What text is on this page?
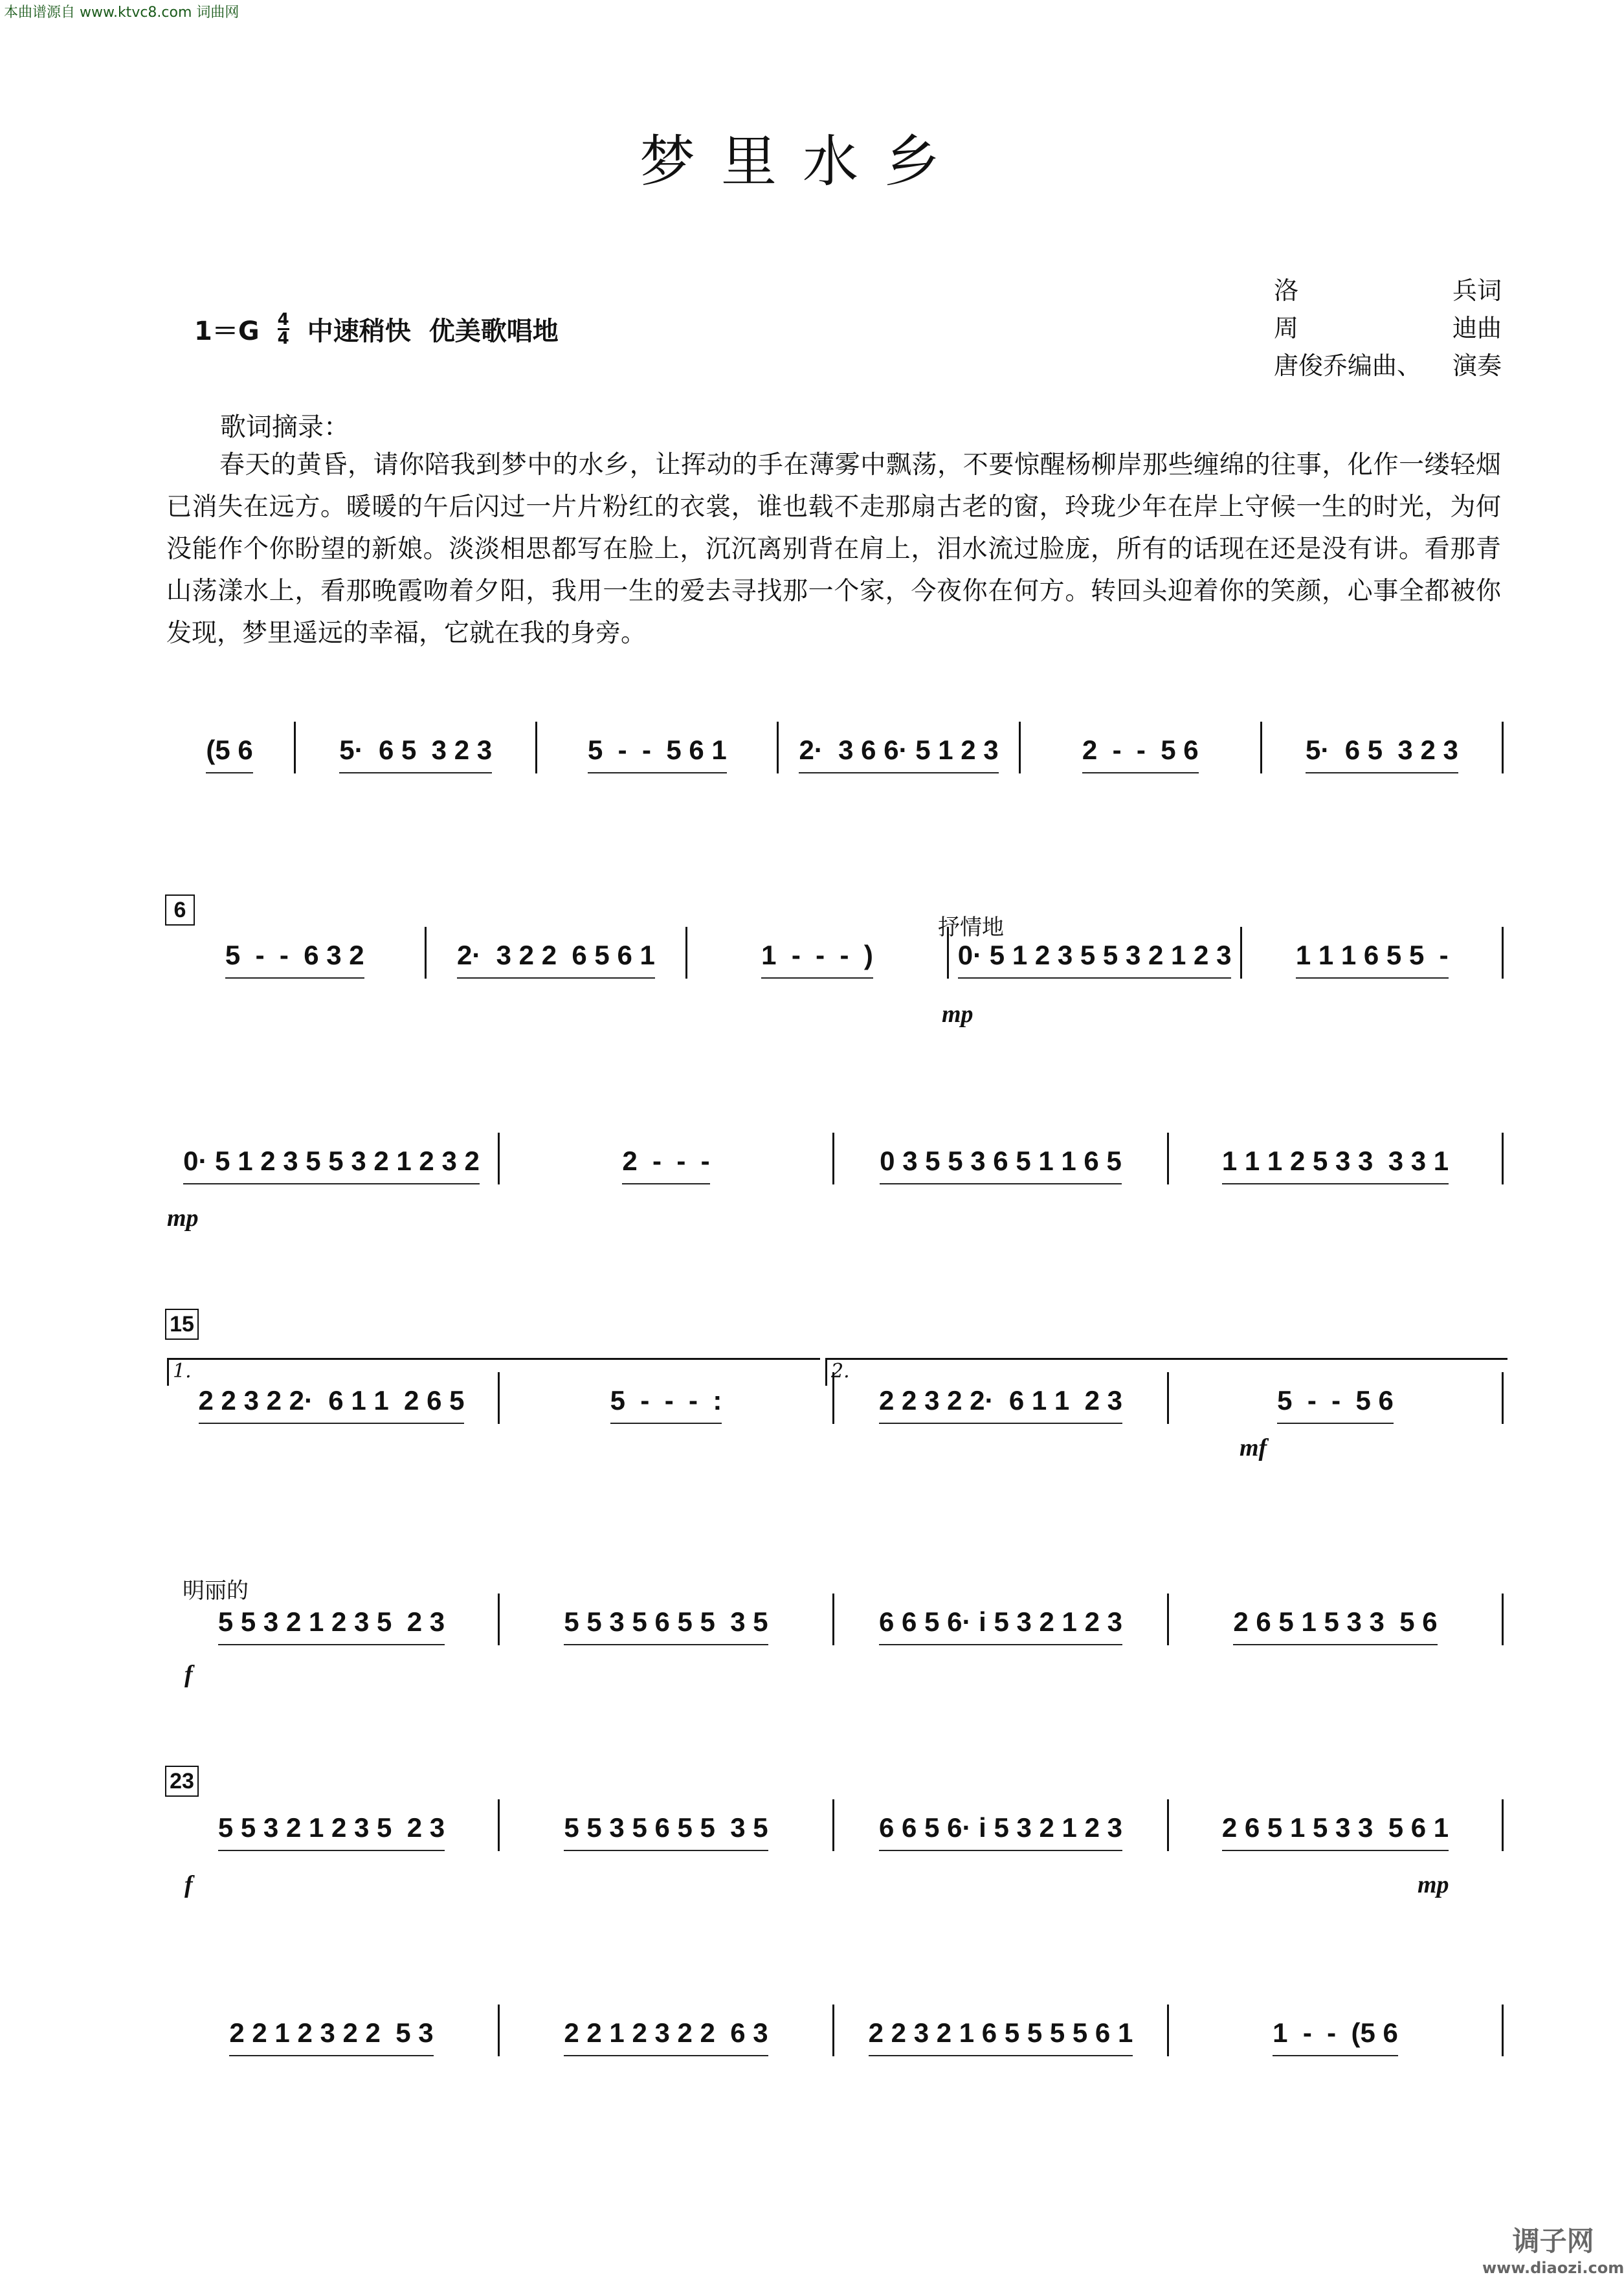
本曲谱源自 www.ktvc8.com 词曲网
梦里水乡
$1=G \frac{4}{4}$ 中速稍快 优美歌唱地
洛	兵词
周	迪曲
唐俊乔编曲、 演奏
歌词摘录：
春天的黄昏，请你陪我到梦中的水乡，让挥动的手在薄雾中飘荡，不要惊醒杨柳岸那些缠绵的往事，化作一缕轻烟已消失在远方。暖暖的午后闪过一片片粉红的衣裳，谁也载不走那扇古老的窗，玲珑少年在岸上守候一生的时光，为何没能作个你盼望的新娘。淡淡相思都写在脸上，沉沉离别背在肩上，泪水流过脸庞，所有的话现在还是没有讲。看那青山荡漾水上，看那晚霞吻着夕阳，我用一生的爱去寻找那一个家，今夜你在何方。转回头迎着你的笑颜，心事全都被你发现，梦里遥远的幸福，它就在我的身旁。
6
15
23
抒情地
明丽的
mp
mp
mf
f
f	mp
1.	2.
(5 6	5·  6 5  3 2 3	5  -  -  5 6 1	2·  3 6 6· 5 1 2 3	2  -  -  5 6	5·  6 5  3 2 3
5  -  -  6 3 2	2·  3 2 2  6 5 6 1	1  -  -  -  )	0· 5 1 2 3 5 5 3 2 1 2 3 1 1 1 6 5 5  -
0· 5 1 2 3 5 5 3 2 1 2 3 2	2  -  -  -	0 3 5 5 3 6 5 1 1 6 5	1 1 1 2 5 3 3  3 3 1
2 2 3 2 2·  6 1 1  2 6 5	5  -  -  -  :	2 2 3 2 2·  6 1 1  2 3	5  -  -  5 6
5 5 3 2 1 2 3 5  2 3	5 5 3 5 6 5 5  3 5	6 6 5 6· i 5 3 2 1 2 3	2 6 5 1 5 3 3  5 6
5 5 3 2 1 2 3 5  2 3	5 5 3 5 6 5 5  3 5	6 6 5 6· i 5 3 2 1 2 3	2 6 5 1 5 3 3  5 6 1
2 2 1 2 3 2 2  5 3	2 2 1 2 3 2 2  6 3	2 2 3 2 1 6 5 5 5 5 6 1	1  -  -  (5 6
调子网
www.diaozi.com
